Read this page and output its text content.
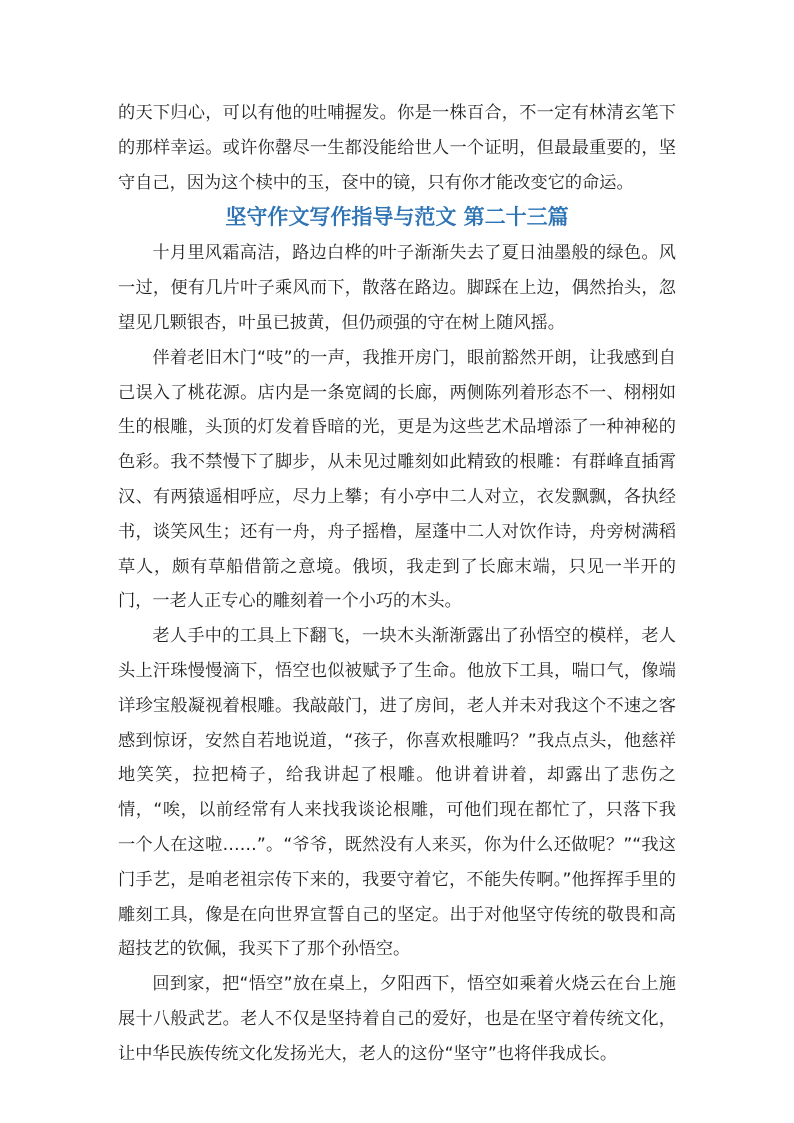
的天下归心，可以有他的吐哺握发。你是一株百合，不一定有林清玄笔下的那样幸运。或许你罄尽一生都没能给世人一个证明，但最最重要的，坚守自己，因为这个椟中的玉，奁中的镜，只有你才能改变它的命运。

坚守作文写作指导与范文 第二十三篇

十月里风霜高洁，路边白桦的叶子渐渐失去了夏日油墨般的绿色。风一过，便有几片叶子乘风而下，散落在路边。脚踩在上边，偶然抬头，忽望见几颗银杏，叶虽已披黄，但仍顽强的守在树上随风摇。

伴着老旧木门“吱”的一声，我推开房门，眼前豁然开朗，让我感到自己误入了桃花源。店内是一条宽阔的长廊，两侧陈列着形态不一、栩栩如生的根雕，头顶的灯发着昏暗的光，更是为这些艺术品增添了一种神秘的色彩。我不禁慢下了脚步，从未见过雕刻如此精致的根雕：有群峰直插霄汉、有两猿遥相呼应，尽力上攀；有小亭中二人对立，衣发飘飘，各执经书，谈笑风生；还有一舟，舟子摇橹，屋蓬中二人对饮作诗，舟旁树满稻草人，颇有草船借箭之意境。俄顷，我走到了长廊末端，只见一半开的门，一老人正专心的雕刻着一个小巧的木头。

老人手中的工具上下翻飞，一块木头渐渐露出了孙悟空的模样，老人头上汗珠慢慢滴下，悟空也似被赋予了生命。他放下工具，喘口气，像端详珍宝般凝视着根雕。我敲敲门，进了房间，老人并未对我这个不速之客感到惊讶，安然自若地说道，“孩子，你喜欢根雕吗？”我点点头，他慈祥地笑笑，拉把椅子，给我讲起了根雕。他讲着讲着，却露出了悲伤之情，“唉，以前经常有人来找我谈论根雕，可他们现在都忙了，只落下我一个人在这啦……”。“爷爷，既然没有人来买，你为什么还做呢？”“我这门手艺，是咱老祖宗传下来的，我要守着它，不能失传啊。”他挥挥手里的雕刻工具，像是在向世界宣誓自己的坚定。出于对他坚守传统的敬畏和高超技艺的钦佩，我买下了那个孙悟空。

回到家，把“悟空”放在桌上，夕阳西下，悟空如乘着火烧云在台上施展十八般武艺。老人不仅是坚持着自己的爱好，也是在坚守着传统文化，让中华民族传统文化发扬光大，老人的这份“坚守”也将伴我成长。
